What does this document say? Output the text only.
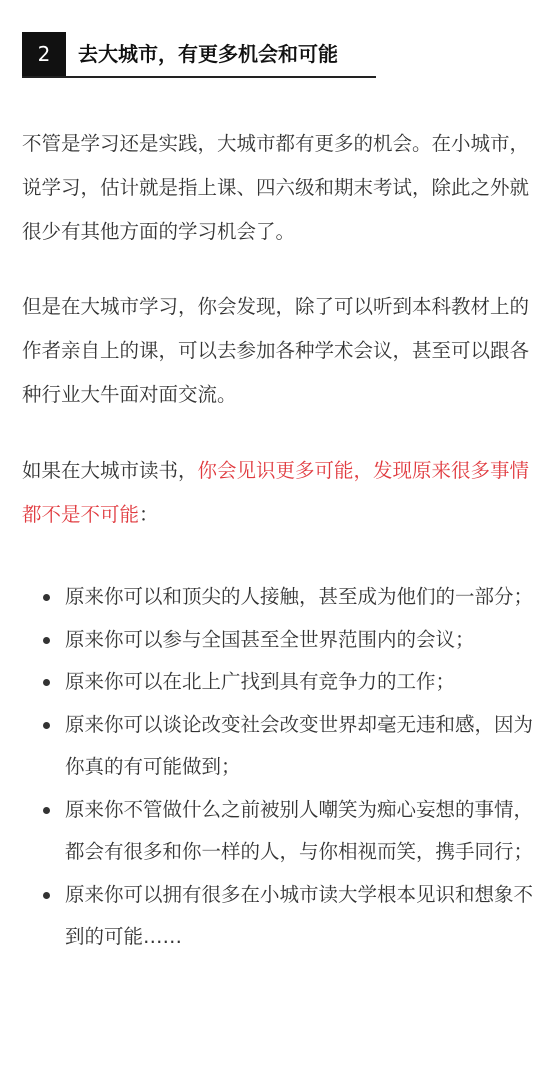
2	去大城市，有更多机会和可能

不管是学习还是实践，大城市都有更多的机会。在小城市，说学习，估计就是指上课、四六级和期末考试，除此之外就很少有其他方面的学习机会了。

但是在大城市学习，你会发现，除了可以听到本科教材上的作者亲自上的课，可以去参加各种学术会议，甚至可以跟各种行业大牛面对面交流。

如果在大城市读书，你会见识更多可能，发现原来很多事情都不是不可能：

原来你可以和顶尖的人接触，甚至成为他们的一部分；
原来你可以参与全国甚至全世界范围内的会议；
原来你可以在北上广找到具有竞争力的工作；
原来你可以谈论改变社会改变世界却毫无违和感，因为你真的有可能做到；
原来你不管做什么之前被别人嘲笑为痴心妄想的事情，都会有很多和你一样的人，与你相视而笑，携手同行；
原来你可以拥有很多在小城市读大学根本见识和想象不到的可能……
